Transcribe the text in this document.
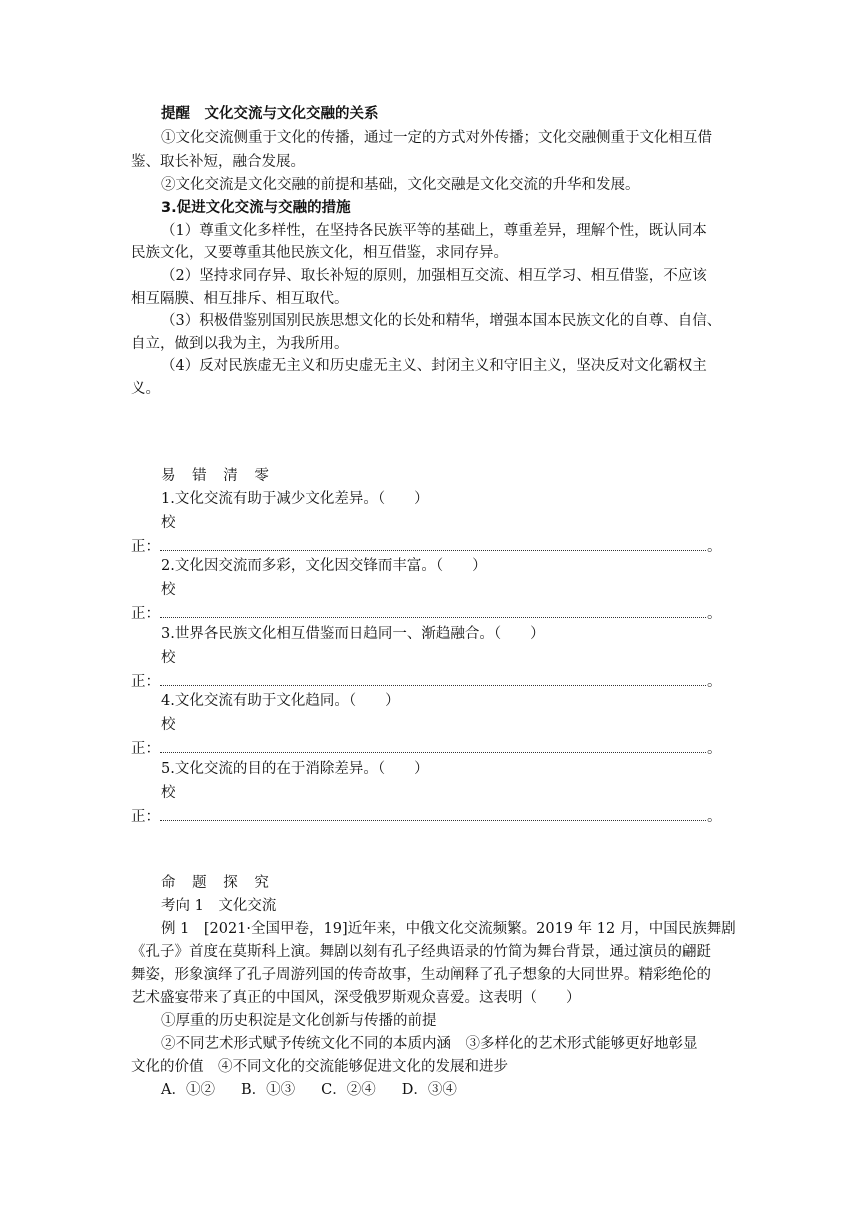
提醒　文化交流与文化交融的关系
①文化交流侧重于文化的传播，通过一定的方式对外传播；文化交融侧重于文化相互借
鉴、取长补短，融合发展。
②文化交流是文化交融的前提和基础，文化交融是文化交流的升华和发展。
3.促进文化交流与交融的措施
（1）尊重文化多样性，在坚持各民族平等的基础上，尊重差异，理解个性，既认同本
民族文化，又要尊重其他民族文化，相互借鉴，求同存异。
（2）坚持求同存异、取长补短的原则，加强相互交流、相互学习、相互借鉴，不应该
相互隔膜、相互排斥、相互取代。
（3）积极借鉴别国别民族思想文化的长处和精华，增强本国本民族文化的自尊、自信、
自立，做到以我为主，为我所用。
（4）反对民族虚无主义和历史虚无主义、封闭主义和守旧主义，坚决反对文化霸权主
义。
易 错 清 零
1.文化交流有助于减少文化差异。（　　）
校
正：	。
2.文化因交流而多彩，文化因交锋而丰富。（　　）
校
正：	。
3.世界各民族文化相互借鉴而日趋同一、渐趋融合。（　　）
校
正：	。
4.文化交流有助于文化趋同。（　　）
校
正：	。
5.文化交流的目的在于消除差异。（　　）
校
正：	。
命 题 探 究
考向 1　文化交流
例 1　[2021·全国甲卷，19]近年来，中俄文化交流频繁。2019 年 12 月，中国民族舞剧
《孔子》首度在莫斯科上演。舞剧以刻有孔子经典语录的竹简为舞台背景，通过演员的翩跹
舞姿，形象演绎了孔子周游列国的传奇故事，生动阐释了孔子想象的大同世界。精彩绝伦的
艺术盛宴带来了真正的中国风，深受俄罗斯观众喜爱。这表明（　　）
①厚重的历史积淀是文化创新与传播的前提
②不同艺术形式赋予传统文化不同的本质内涵　③多样化的艺术形式能够更好地彰显
文化的价值　④不同文化的交流能够促进文化的发展和进步
A．①② B．①③ C．②④ D．③④
